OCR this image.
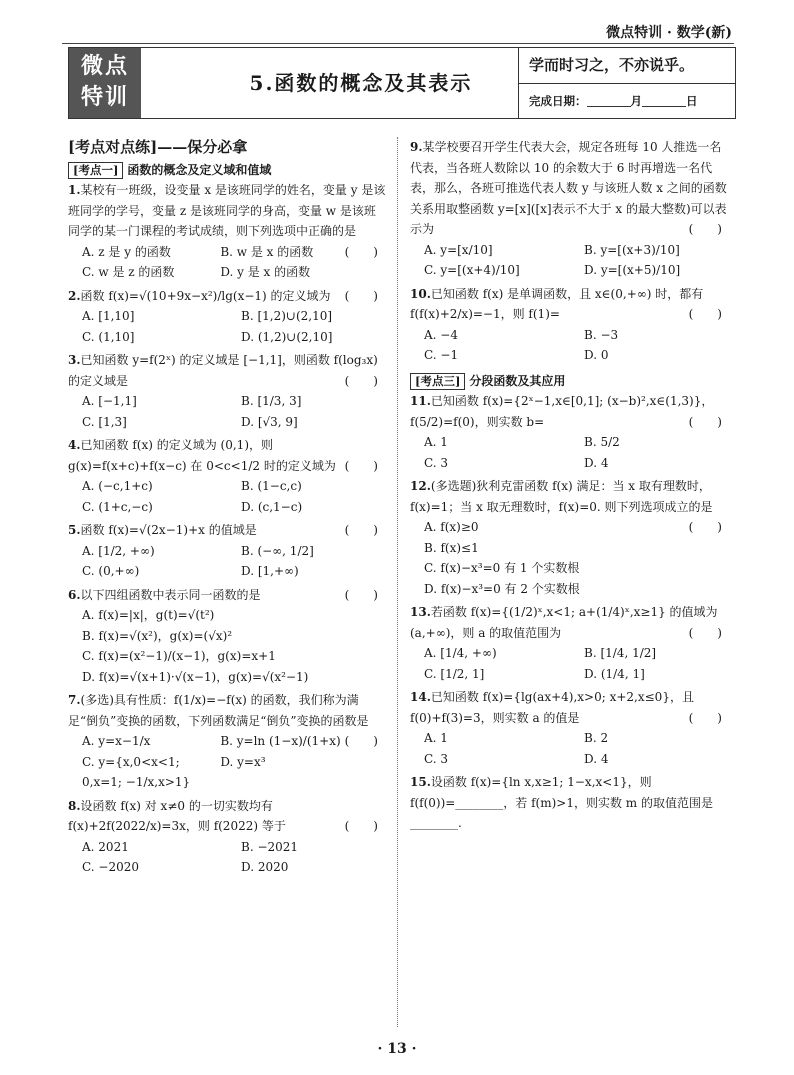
微点特训 · 数学(新)
微点
特训
5.函数的概念及其表示
学而时习之，不亦说乎。
完成日期：	月	日
[考点对点练]——保分必拿
[考点一] 函数的概念及定义域和值域
1.某校有一班级，设变量 x 是该班同学的姓名，变量 y 是该班同学的学号，变量 z 是该班同学的身高，变量 w 是该班同学的某一门课程的考试成绩，则下列选项中正确的是
(　　)
A. z 是 y 的函数	B. w 是 x 的函数
C. w 是 z 的函数	D. y 是 x 的函数
2.函数 f(x)=√(10+9x−x²)/lg(x−1) 的定义域为 (　　)
A. [1,10]	B. [1,2)∪(2,10]
C. (1,10]	D. (1,2)∪(2,10]
3.已知函数 y=f(2ˣ) 的定义域是 [−1,1]，则函数 f(log₃x) 的定义域是	(　　)
A. [−1,1]	B. [1/3, 3]
C. [1,3]	D. [√3, 9]
4.已知函数 f(x) 的定义域为 (0,1)，则 g(x)=f(x+c)+f(x−c) 在 0<c<1/2 时的定义域为 (　　)
A. (−c,1+c)	B. (1−c,c)
C. (1+c,−c)	D. (c,1−c)
5.函数 f(x)=√(2x−1)+x 的值域是	(　　)
A. [1/2, +∞)	B. (−∞, 1/2]
C. (0,+∞)	D. [1,+∞)
6.以下四组函数中表示同一函数的是	(　　)
A. f(x)=|x|，g(t)=√(t²)
B. f(x)=√(x²)，g(x)=(√x)²
C. f(x)=(x²−1)/(x−1)，g(x)=x+1
D. f(x)=√(x+1)·√(x−1)，g(x)=√(x²−1)
7.(多选)具有性质：f(1/x)=−f(x) 的函数，我们称为满足“倒负”变换的函数，下列函数满足“倒负”变换的函数是
(　　)
A. y=x−1/x	B. y=ln (1−x)/(1+x)
C. y={x,0<x<1; 0,x=1; −1/x,x>1}
D. y=x³
8.设函数 f(x) 对 x≠0 的一切实数均有 f(x)+2f(2022/x)=3x，则 f(2022) 等于	(　　)
A. 2021	B. −2021
C. −2020	D. 2020
9.某学校要召开学生代表大会，规定各班每 10 人推选一名代表，当各班人数除以 10 的余数大于 6 时再增选一名代表，那么，各班可推选代表人数 y 与该班人数 x 之间的函数关系用取整函数 y=[x]([x]表示不大于 x 的最大整数)可以表示为	(　　)
A. y=[x/10]	B. y=[(x+3)/10]
C. y=[(x+4)/10]	D. y=[(x+5)/10]
10.已知函数 f(x) 是单调函数，且 x∈(0,+∞) 时，都有 f(f(x)+2/x)=−1，则 f(1)=	(　　)
A. −4	B. −3
C. −1	D. 0
[考点三] 分段函数及其应用
11.已知函数 f(x)={2ˣ−1,x∈[0,1]; (x−b)²,x∈(1,3)}，f(5/2)=f(0)，则实数 b=	(　　)
A. 1	B. 5/2
C. 3	D. 4
12.(多选题)狄利克雷函数 f(x) 满足：当 x 取有理数时，f(x)=1；当 x 取无理数时，f(x)=0. 则下列选项成立的是
(　　)
A. f(x)≥0
B. f(x)≤1
C. f(x)−x³=0 有 1 个实数根
D. f(x)−x³=0 有 2 个实数根
13.若函数 f(x)={(1/2)ˣ,x<1; a+(1/4)ˣ,x≥1} 的值域为 (a,+∞)，则 a 的取值范围为	(　　)
A. [1/4, +∞)	B. [1/4, 1/2]
C. [1/2, 1]	D. (1/4, 1]
14.已知函数 f(x)={lg(ax+4),x>0; x+2,x≤0}，且 f(0)+f(3)=3，则实数 a 的值是	(　　)
A. 1	B. 2
C. 3	D. 4
15.设函数 f(x)={ln x,x≥1; 1−x,x<1}，则 f(f(0))=________，若 f(m)>1，则实数 m 的取值范围是________.
· 13 ·
